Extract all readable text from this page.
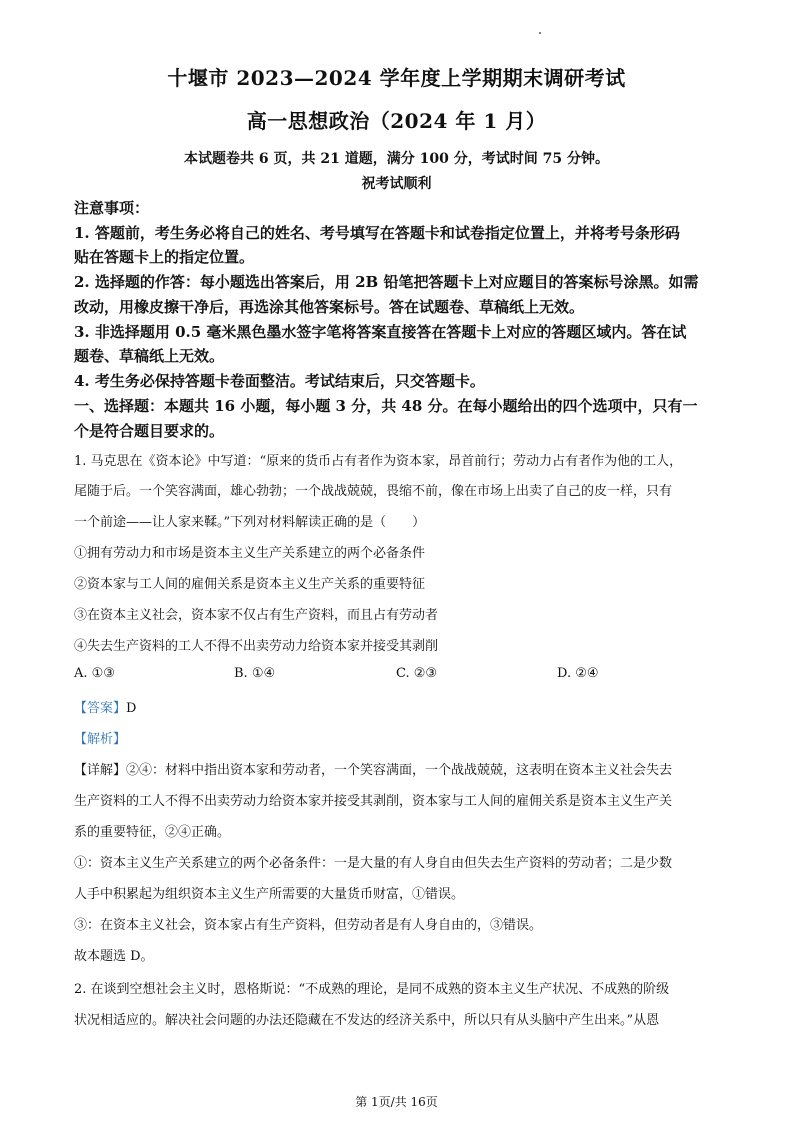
十堰市 2023—2024 学年度上学期期末调研考试

高一思想政治（2024 年 1 月）

本试题卷共 6 页，共 21 道题，满分 100 分，考试时间 75 分钟。

祝考试顺利

注意事项：

1. 答题前，考生务必将自己的姓名、考号填写在答题卡和试卷指定位置上，并将考号条形码

贴在答题卡上的指定位置。

2. 选择题的作答：每小题选出答案后，用 2B 铅笔把答题卡上对应题目的答案标号涂黑。如需

改动，用橡皮擦干净后，再选涂其他答案标号。答在试题卷、草稿纸上无效。

3. 非选择题用 0.5 毫米黑色墨水签字笔将答案直接答在答题卡上对应的答题区域内。答在试

题卷、草稿纸上无效。

4. 考生务必保持答题卡卷面整洁。考试结束后，只交答题卡。

一、选择题：本题共 16 小题，每小题 3 分，共 48 分。在每小题给出的四个选项中，只有一

个是符合题目要求的。

1. 马克思在《资本论》中写道：“原来的货币占有者作为资本家，昂首前行；劳动力占有者作为他的工人，

尾随于后。一个笑容满面，雄心勃勃；一个战战兢兢，畏缩不前，像在市场上出卖了自己的皮一样，只有

一个前途——让人家来鞣。”下列对材料解读正确的是（　　）

①拥有劳动力和市场是资本主义生产关系建立的两个必备条件

②资本家与工人间的雇佣关系是资本主义生产关系的重要特征

③在资本主义社会，资本家不仅占有生产资料，而且占有劳动者

④失去生产资料的工人不得不出卖劳动力给资本家并接受其剥削

A. ①③	B. ①④	C. ②③	D. ②④

【答案】D

【解析】

【详解】②④：材料中指出资本家和劳动者，一个笑容满面，一个战战兢兢，这表明在资本主义社会失去

生产资料的工人不得不出卖劳动力给资本家并接受其剥削，资本家与工人间的雇佣关系是资本主义生产关

系的重要特征，②④正确。

①：资本主义生产关系建立的两个必备条件：一是大量的有人身自由但失去生产资料的劳动者；二是少数

人手中积累起为组织资本主义生产所需要的大量货币财富，①错误。

③：在资本主义社会，资本家占有生产资料，但劳动者是有人身自由的，③错误。

故本题选 D。

2. 在谈到空想社会主义时，恩格斯说：“不成熟的理论，是同不成熟的资本主义生产状况、不成熟的阶级

状况相适应的。解决社会问题的办法还隐藏在不发达的经济关系中，所以只有从头脑中产生出来。”从恩

第 1页/共 16页
